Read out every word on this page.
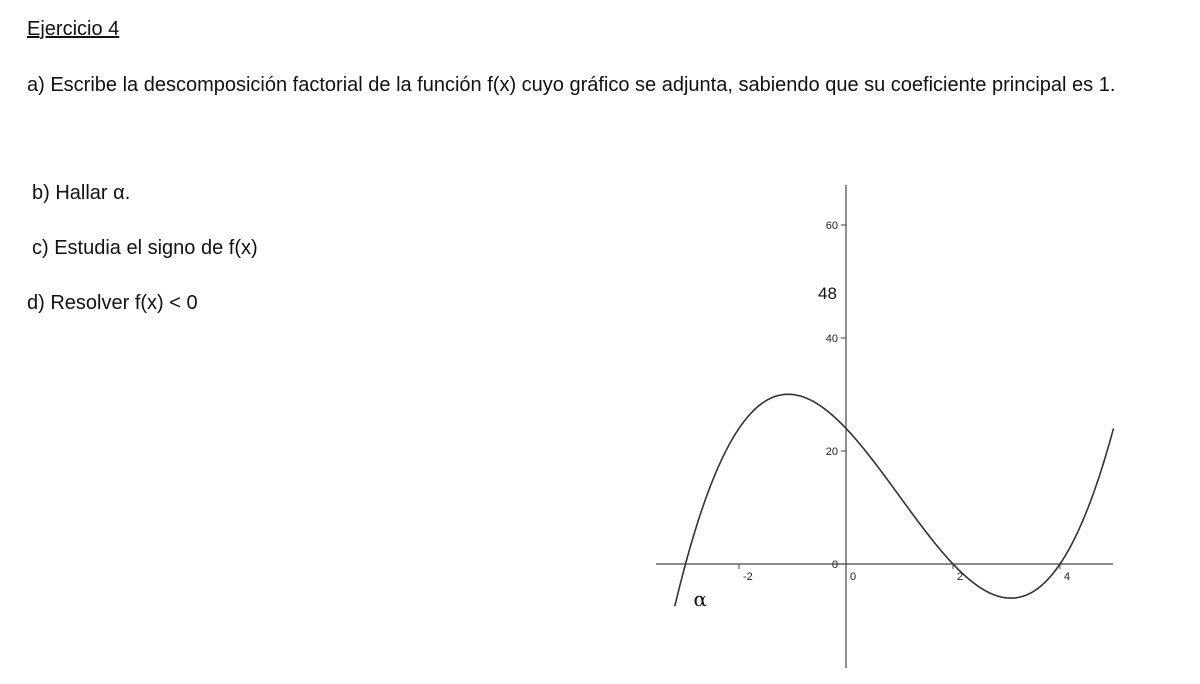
Ejercicio 4
a) Escribe la descomposición factorial de la función f(x) cuyo gráfico se adjunta, sabiendo que su coeficiente principal es 1.
b) Hallar α.
c) Estudia el signo de f(x)
d) Resolver f(x) < 0
-2	0	2	4
0
20
40
60
48
α
